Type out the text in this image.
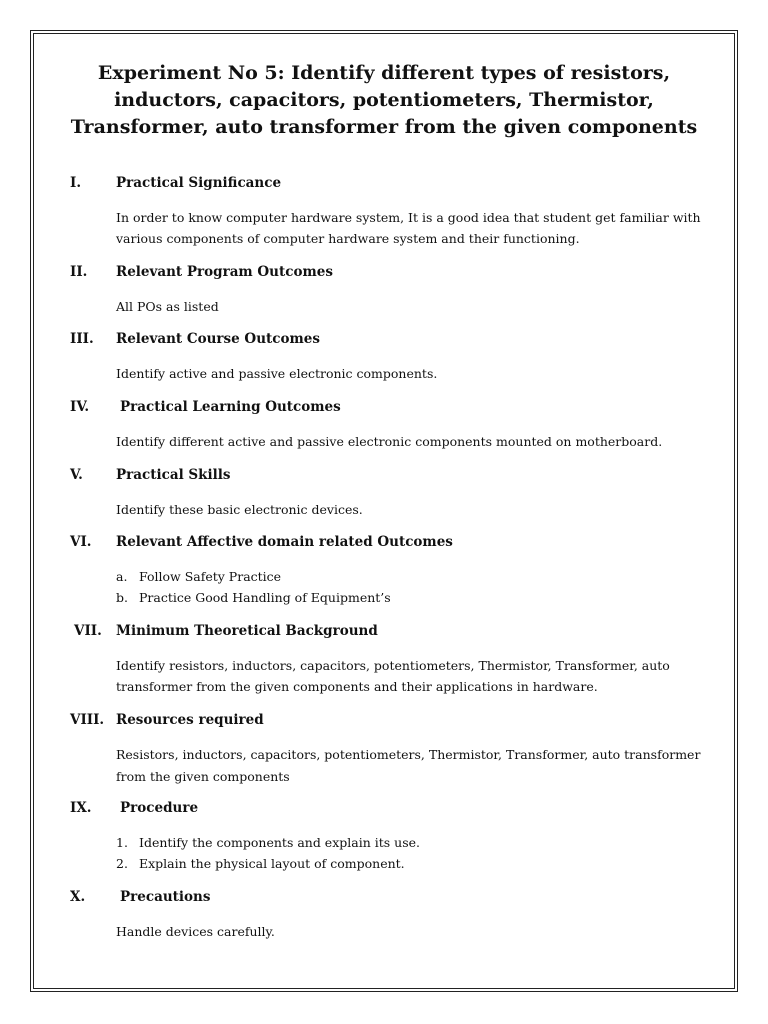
Experiment No 5: Identify different types of resistors, inductors, capacitors, potentiometers, Thermistor, Transformer, auto transformer from the given components
I.	Practical Significance

In order to know computer hardware system, It is a good idea that student get familiar with various components of computer hardware system and their functioning.

II. Relevant Program Outcomes

All POs as listed

III. Relevant Course Outcomes

Identify active and passive electronic components.

IV. Practical Learning Outcomes

Identify different active and passive electronic components mounted on motherboard.

V. Practical Skills

Identify these basic electronic devices.

VI. Relevant Affective domain related Outcomes
a. Follow Safety Practice
b. Practice Good Handling of Equipment’s
VII. Minimum Theoretical Background

Identify resistors, inductors, capacitors, potentiometers, Thermistor, Transformer, auto transformer from the given components and their applications in hardware.

VIII. Resources required

Resistors, inductors, capacitors, potentiometers, Thermistor, Transformer, auto transformer from the given components

IX. Procedure
1. Identify the components and explain its use.
2. Explain the physical layout of component.
X.	Precautions

Handle devices carefully.
